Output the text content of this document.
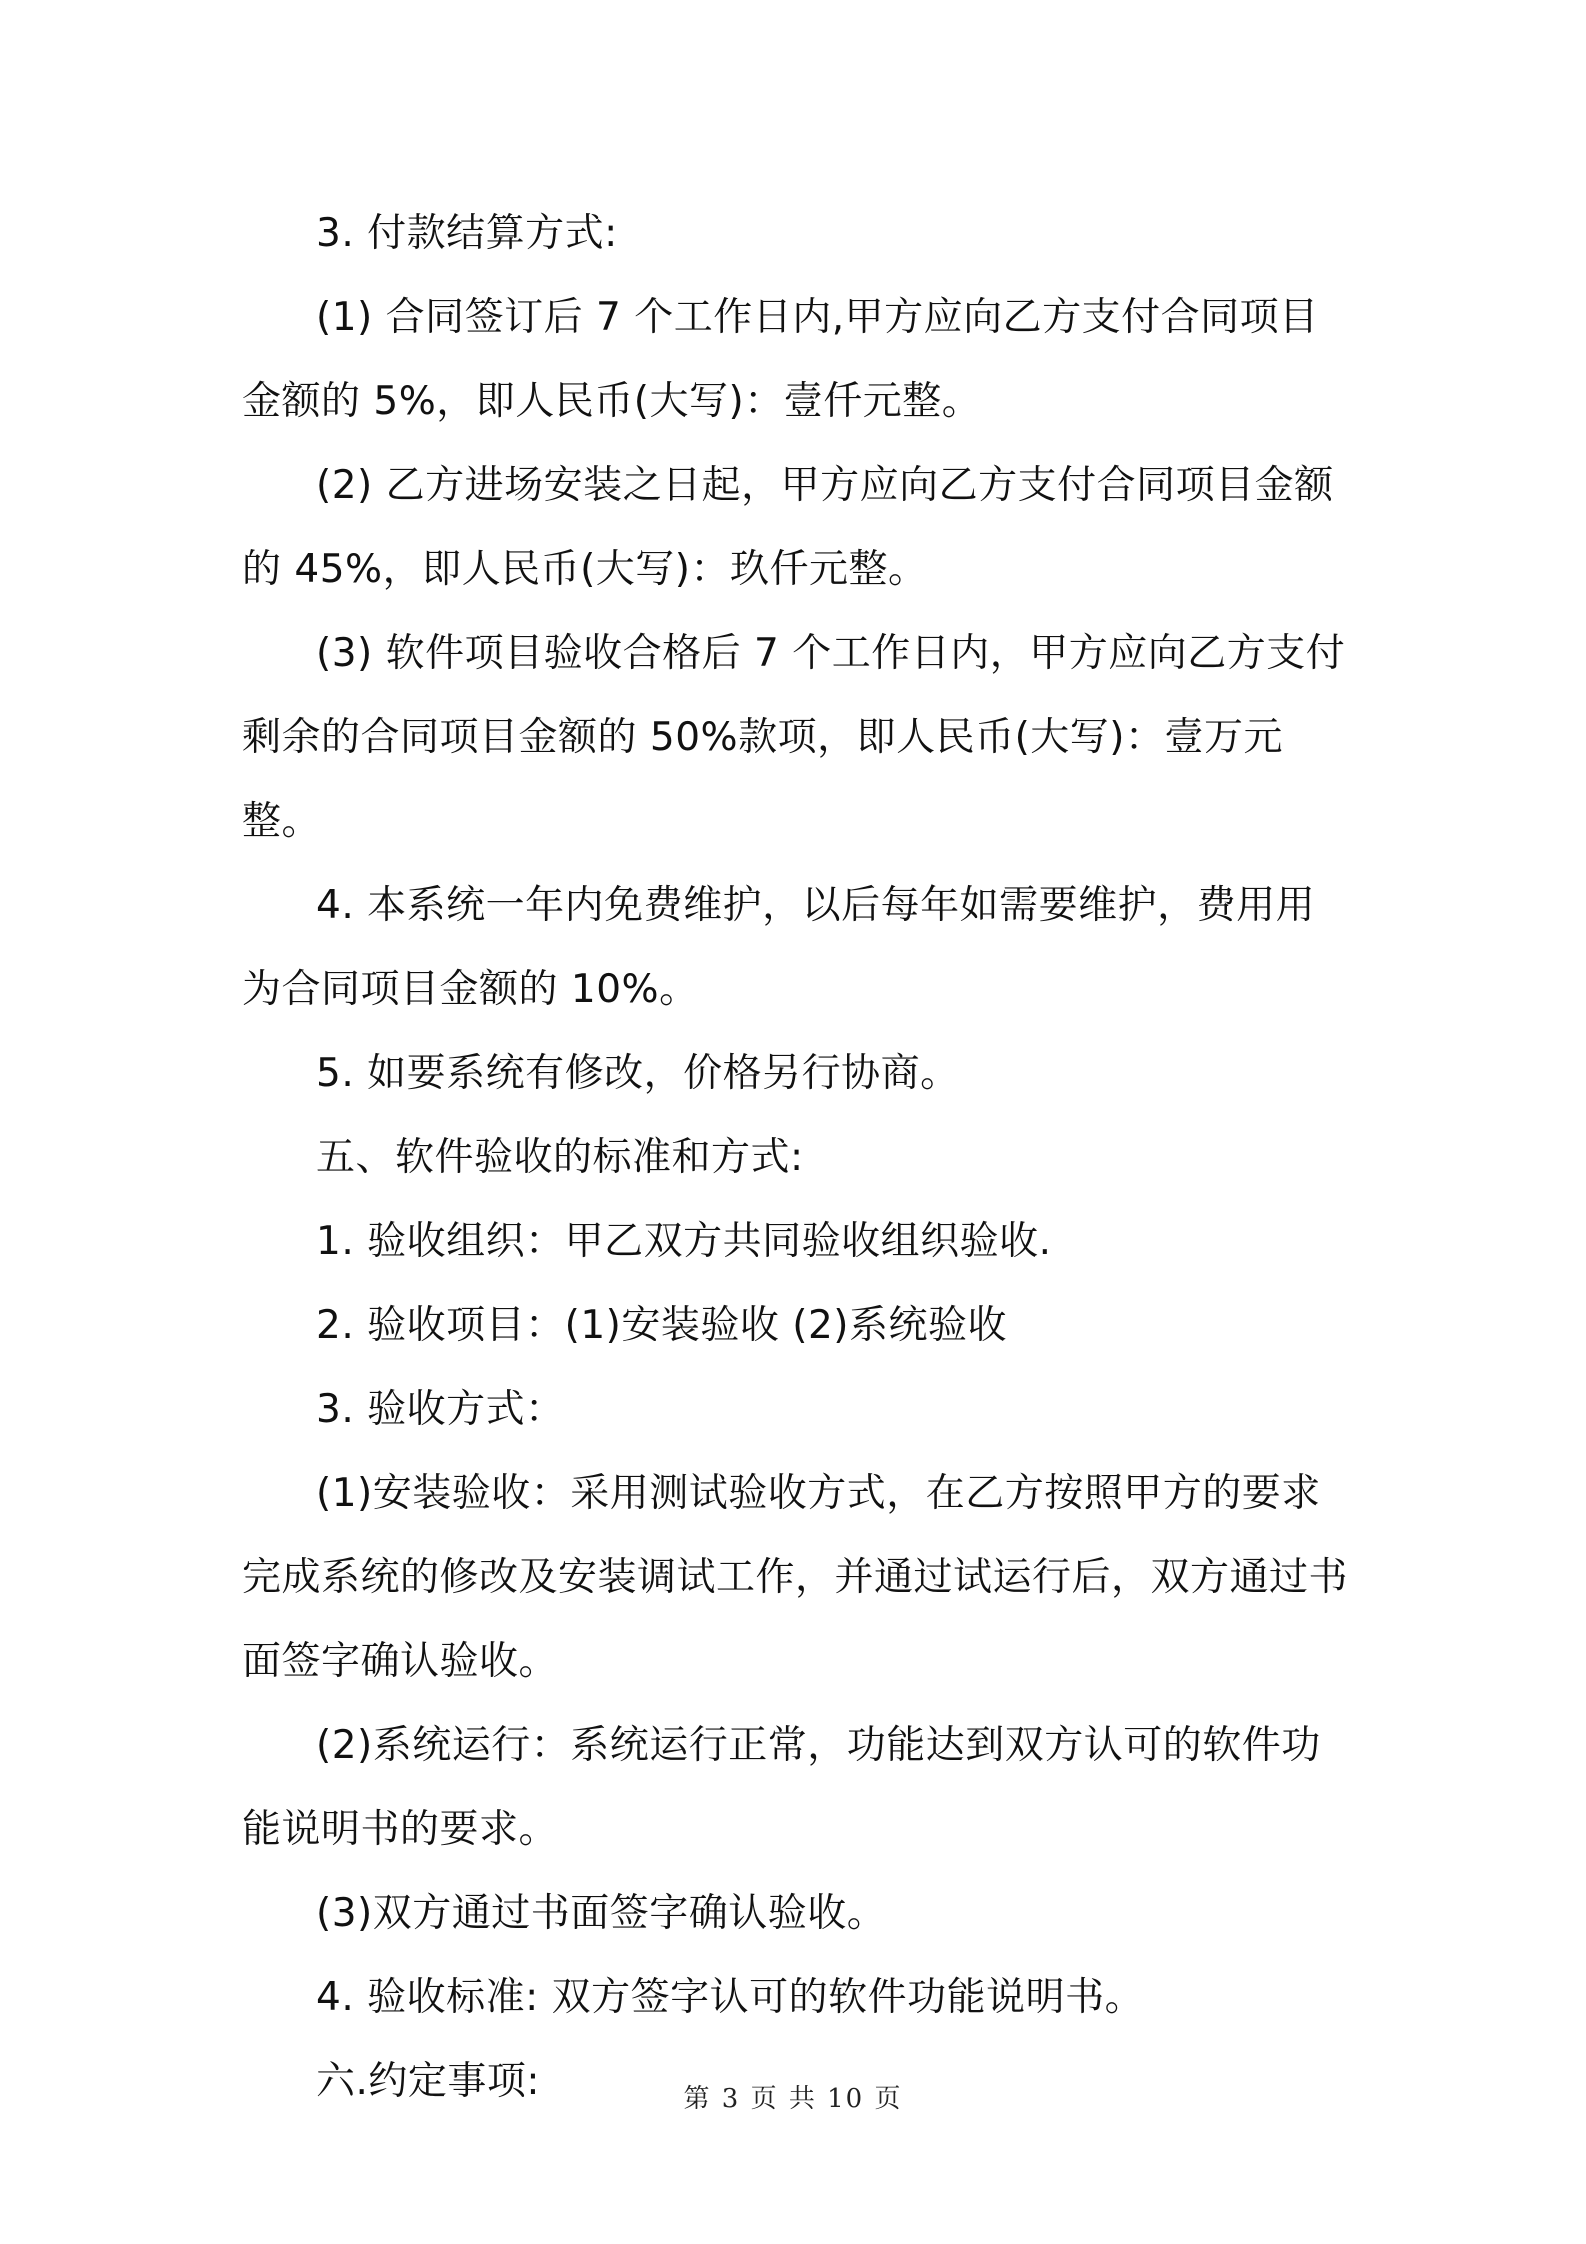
3. 付款结算方式:

(1) 合同签订后 7 个工作日内,甲方应向乙方支付合同项目金额的 5%，即人民币(大写)：壹仟元整。

(2) 乙方进场安装之日起，甲方应向乙方支付合同项目金额的 45%，即人民币(大写)：玖仟元整。

(3) 软件项目验收合格后 7 个工作日内，甲方应向乙方支付剩余的合同项目金额的 50%款项，即人民币(大写)：壹万元整。

4. 本系统一年内免费维护，以后每年如需要维护，费用用为合同项目金额的 10%。

5. 如要系统有修改，价格另行协商。

五、软件验收的标准和方式:

1. 验收组织：甲乙双方共同验收组织验收.

2. 验收项目：(1)安装验收 (2)系统验收

3. 验收方式：

(1)安装验收：采用测试验收方式，在乙方按照甲方的要求完成系统的修改及安装调试工作，并通过试运行后，双方通过书面签字确认验收。

(2)系统运行：系统运行正常，功能达到双方认可的软件功能说明书的要求。

(3)双方通过书面签字确认验收。

4. 验收标准: 双方签字认可的软件功能说明书。

六.约定事项:	第 3 页 共 10 页
